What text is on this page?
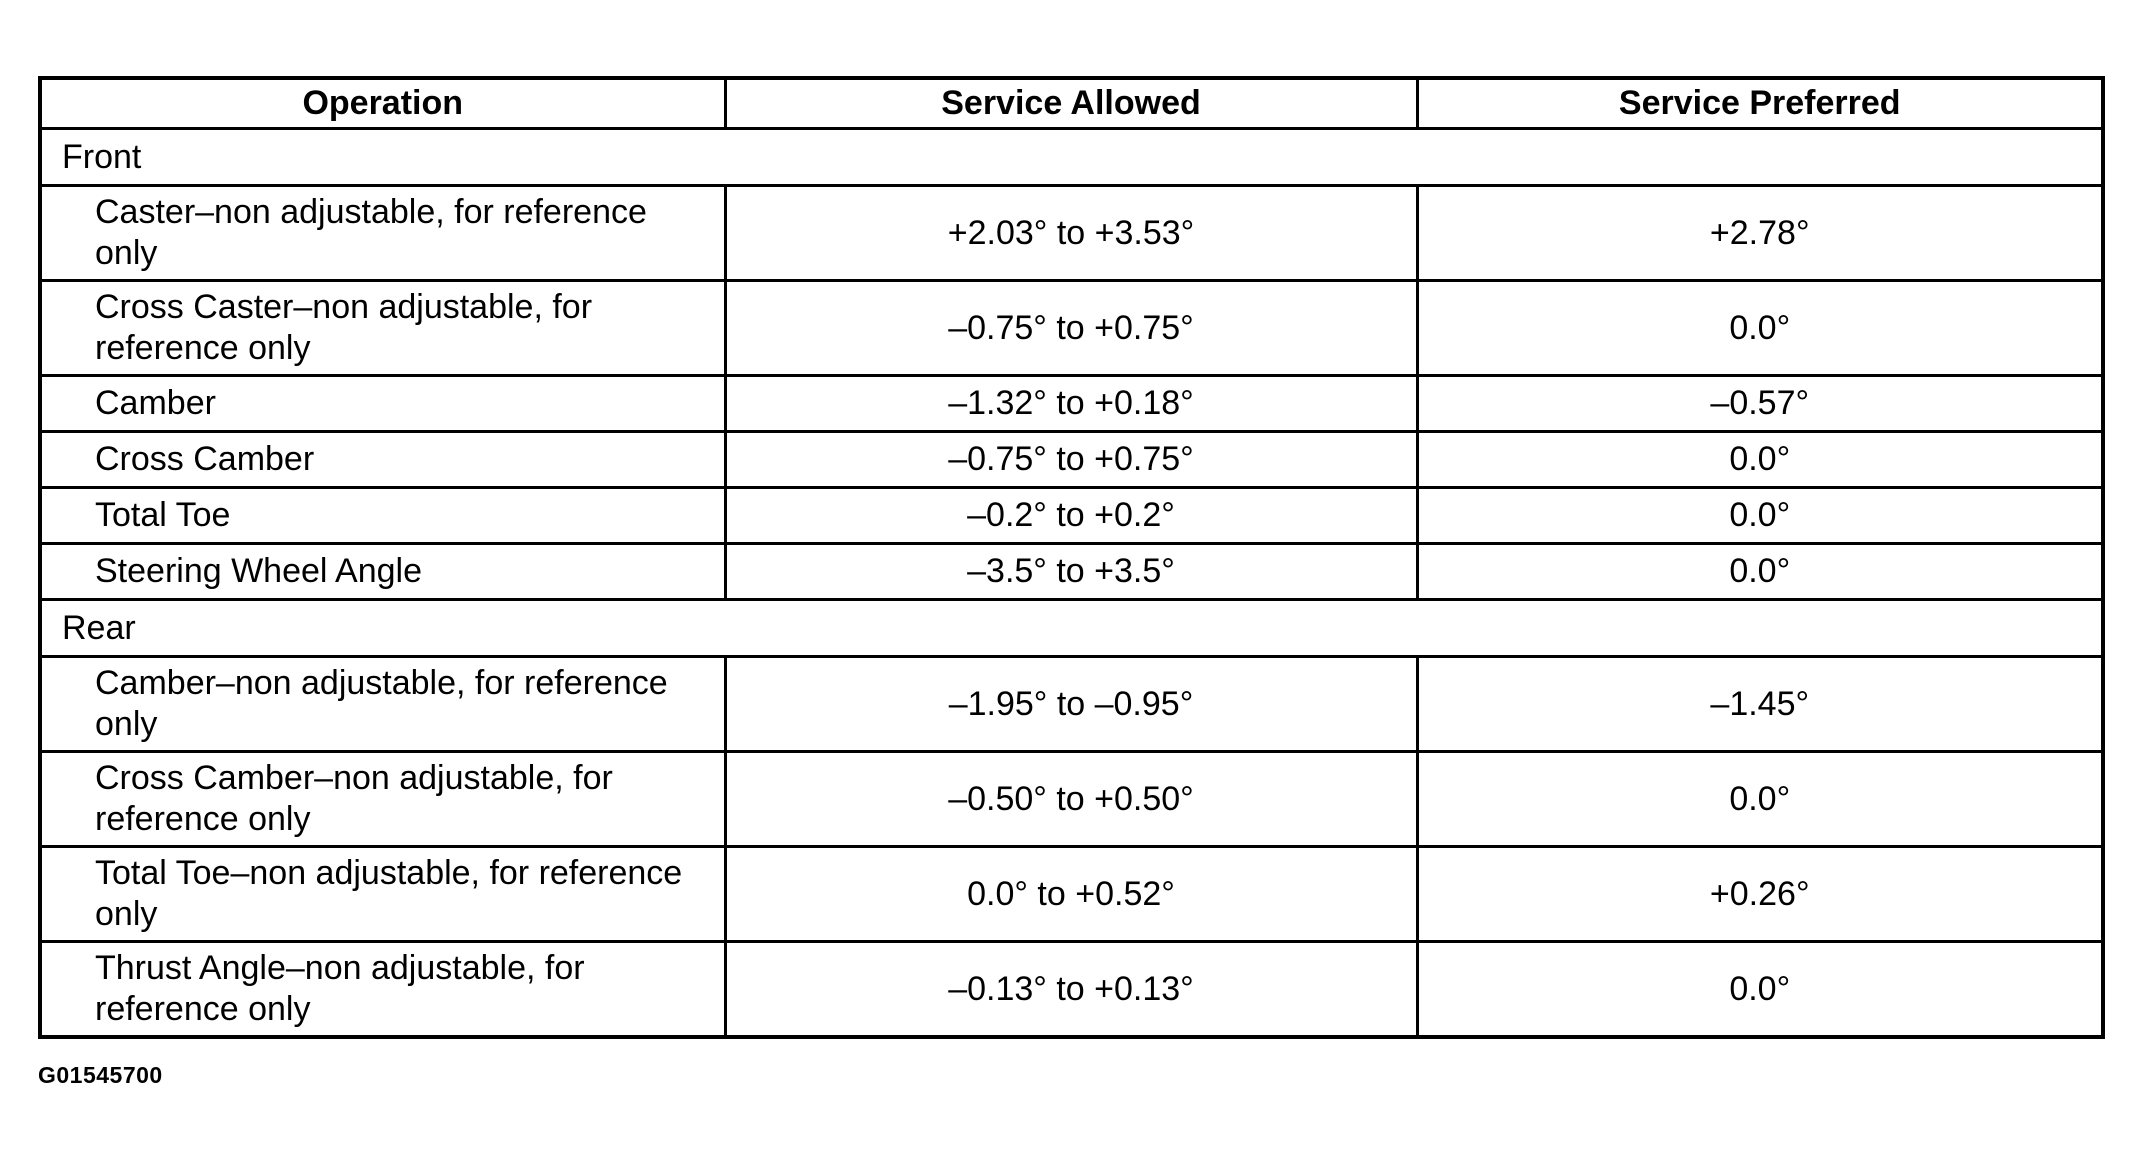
Operation	Service Allowed	Service Preferred
Front		
Caster–non adjustable, for reference only	+2.03° to +3.53°	+2.78°
Cross Caster–non adjustable, for reference only	–0.75° to +0.75°	0.0°
Camber	–1.32° to +0.18°	–0.57°
Cross Camber	–0.75° to +0.75°	0.0°
Total Toe	–0.2° to +0.2°	0.0°
Steering Wheel Angle	–3.5° to +3.5°	0.0°
Rear		
Camber–non adjustable, for reference only	–1.95° to –0.95°	–1.45°
Cross Camber–non adjustable, for reference only	–0.50° to +0.50°	0.0°
Total Toe–non adjustable, for reference only	0.0° to +0.52°	+0.26°
Thrust Angle–non adjustable, for reference only	–0.13° to +0.13°	0.0°
G01545700
